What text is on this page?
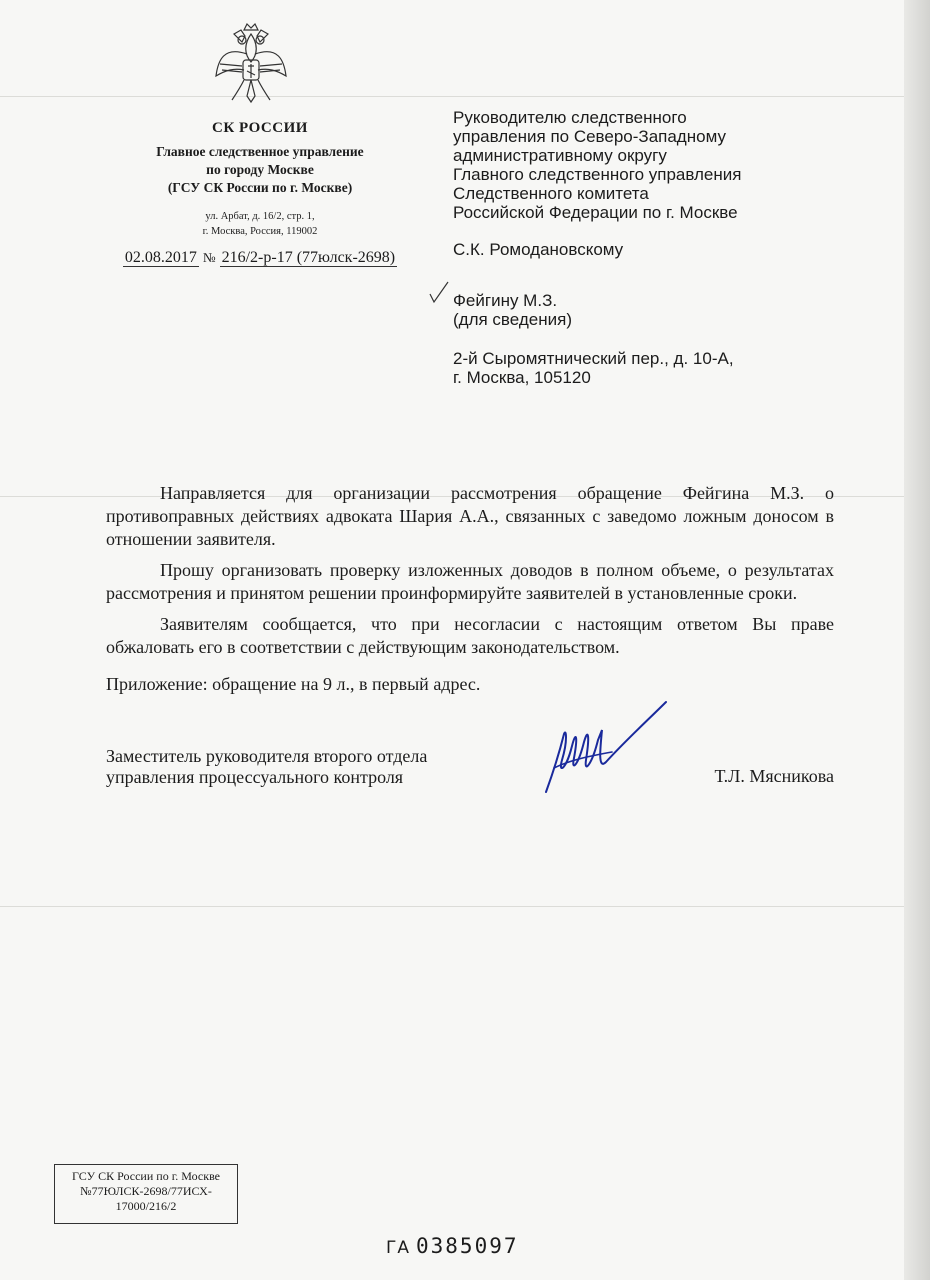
СК РОССИИ
Главное следственное управление
по городу Москве
(ГСУ СК России по г. Москве)
ул. Арбат, д. 16/2, стр. 1,
г. Москва, Россия, 119002
02.08.2017 № 216/2-р-17 (77юлск-2698)
Руководителю следственного
управления по Северо-Западному
административному округу
Главного следственного управления
Следственного комитета
Российской Федерации по г. Москве
С.К. Ромодановскому
Фейгину М.З.
(для сведения)
2-й Сыромятнический пер., д. 10-А,
г. Москва, 105120

Направляется для организации рассмотрения обращение Фейгина М.З. о противоправных действиях адвоката Шария А.А., связанных с заведомо ложным доносом в отношении заявителя.

Прошу организовать проверку изложенных доводов в полном объеме, о результатах рассмотрения и принятом решении проинформируйте заявителей в установленные сроки.

Заявителям сообщается, что при несогласии с настоящим ответом Вы праве обжаловать его в соответствии с действующим законодательством.

Приложение: обращение на 9 л., в первый адрес.

Заместитель руководителя второго отдела
управления процессуального контроля	Т.Л. Мясникова
ГСУ СК России по г. Москве
№77ЮЛСК-2698/77ИСХ-
17000/216/2
ГА 0385097
